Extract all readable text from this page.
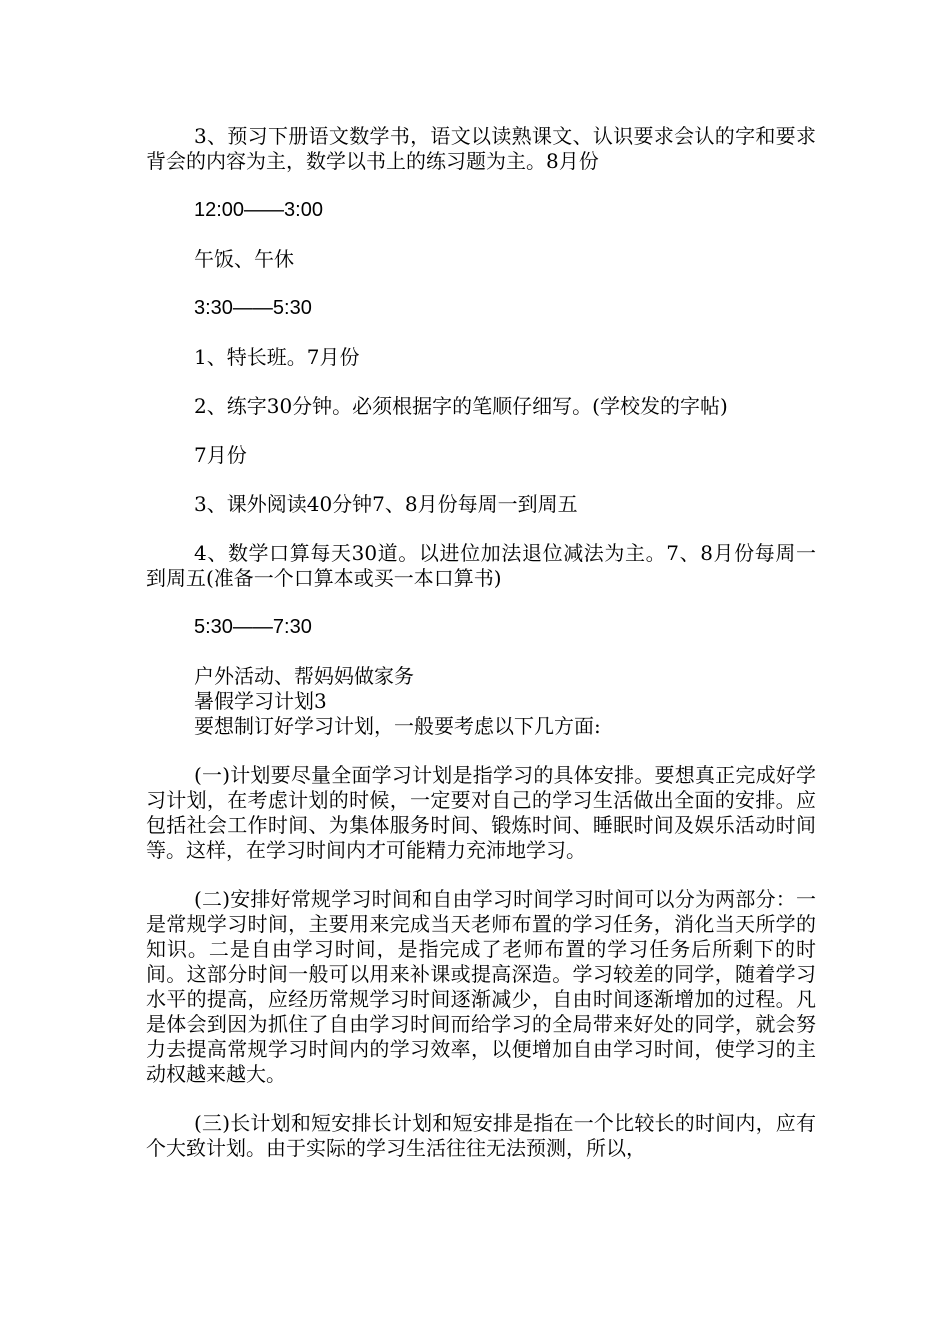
3、预习下册语文数学书，语文以读熟课文、认识要求会认的字和要求背会的内容为主，数学以书上的练习题为主。8月份

12:00——3:00

午饭、午休

3:30——5:30

1、特长班。7月份

2、练字30分钟。必须根据字的笔顺仔细写。(学校发的字帖)

7月份

3、课外阅读40分钟7、8月份每周一到周五

4、数学口算每天30道。以进位加法退位减法为主。7、8月份每周一到周五(准备一个口算本或买一本口算书)

5:30——7:30

户外活动、帮妈妈做家务

暑假学习计划3

要想制订好学习计划，一般要考虑以下几方面:

(一)计划要尽量全面学习计划是指学习的具体安排。要想真正完成好学习计划，在考虑计划的时候，一定要对自己的学习生活做出全面的安排。应包括社会工作时间、为集体服务时间、锻炼时间、睡眠时间及娱乐活动时间等。这样，在学习时间内才可能精力充沛地学习。

(二)安排好常规学习时间和自由学习时间学习时间可以分为两部分：一是常规学习时间，主要用来完成当天老师布置的学习任务，消化当天所学的知识。二是自由学习时间，是指完成了老师布置的学习任务后所剩下的时间。这部分时间一般可以用来补课或提高深造。学习较差的同学，随着学习水平的提高，应经历常规学习时间逐渐减少，自由时间逐渐增加的过程。凡是体会到因为抓住了自由学习时间而给学习的全局带来好处的同学，就会努力去提高常规学习时间内的学习效率，以便增加自由学习时间，使学习的主动权越来越大。

(三)长计划和短安排长计划和短安排是指在一个比较长的时间内，应有个大致计划。由于实际的学习生活往往无法预测，所以，
